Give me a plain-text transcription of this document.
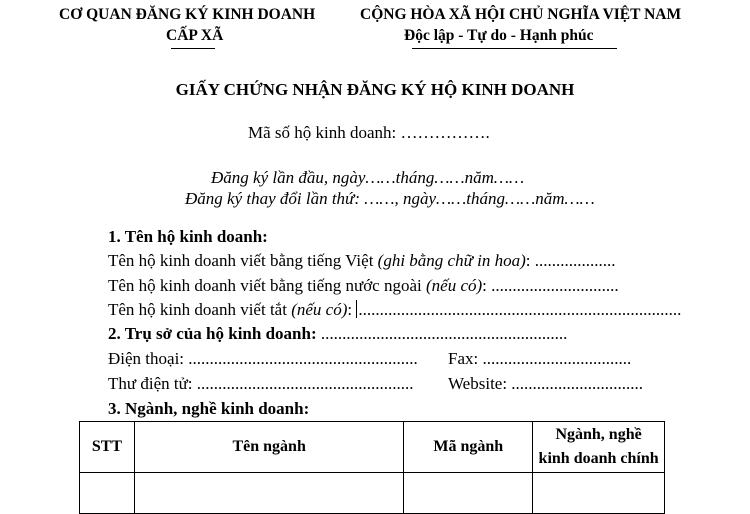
CƠ QUAN ĐĂNG KÝ KINH DOANH
CẤP XÃ
CỘNG HÒA XÃ HỘI CHỦ NGHĨA VIỆT NAM
Độc lập - Tự do - Hạnh phúc
GIẤY CHỨNG NHẬN ĐĂNG KÝ HỘ KINH DOANH
Mã số hộ kinh doanh: …………….
Đăng ký lần đầu, ngày……tháng……năm……
Đăng ký thay đổi lần thứ: ……, ngày……tháng……năm……
1. Tên hộ kinh doanh:
Tên hộ kinh doanh viết bằng tiếng Việt (ghi bằng chữ in hoa): ...................
Tên hộ kinh doanh viết bằng tiếng nước ngoài (nếu có): ..............................
Tên hộ kinh doanh viết tắt (nếu có): ............................................................................
2. Trụ sở của hộ kinh doanh: ..........................................................
Điện thoại: ...................................................... Fax: ...................................
Thư điện tử: ................................................... Website: ...............................
3. Ngành, nghề kinh doanh:
STT	Tên ngành	Mã ngành	Ngành, nghề
kinh doanh chính
